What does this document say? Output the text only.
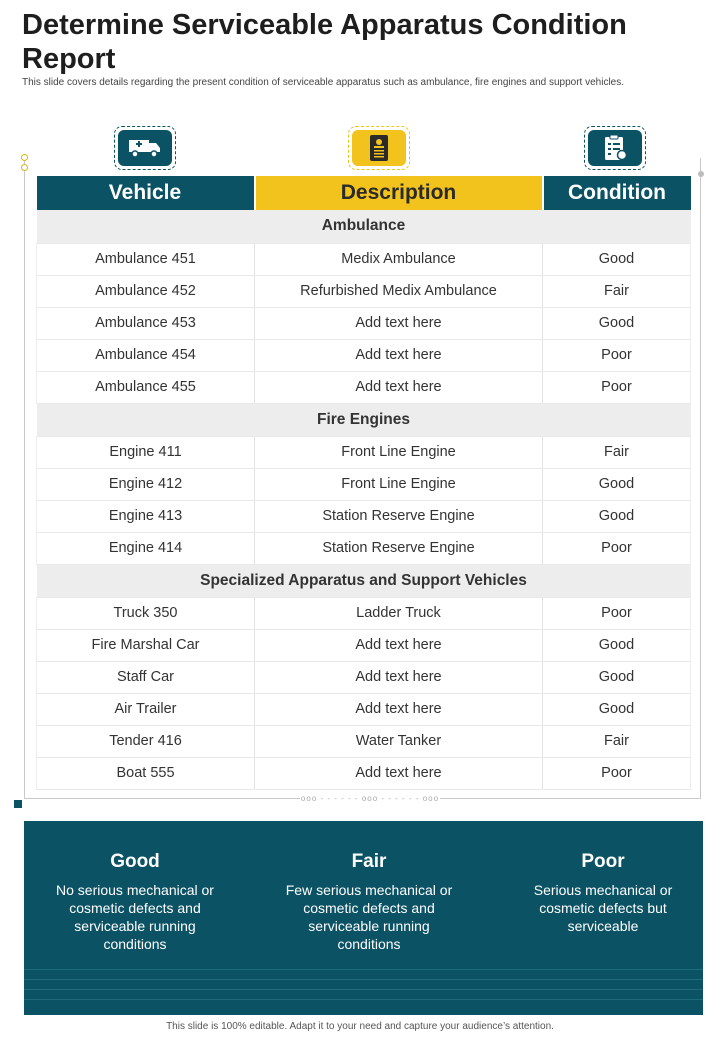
Determine Serviceable Apparatus Condition Report
This slide covers details regarding the present condition of serviceable apparatus such as ambulance, fire engines and support vehicles.
ooo - - - - - - ooo - - - - - - ooo
Vehicle	Description	Condition
Ambulance		
Ambulance 451	Medix Ambulance	Good
Ambulance 452	Refurbished Medix Ambulance	Fair
Ambulance 453	Add text here	Good
Ambulance 454	Add text here	Poor
Ambulance 455	Add text here	Poor
Fire Engines		
Engine 411	Front Line Engine	Fair
Engine 412	Front Line Engine	Good
Engine 413	Station Reserve Engine	Good
Engine 414	Station Reserve Engine	Poor
Specialized Apparatus and Support Vehicles		
Truck 350	Ladder Truck	Poor
Fire Marshal Car	Add text here	Good
Staff Car	Add text here	Good
Air Trailer	Add text here	Good
Tender 416	Water Tanker	Fair
Boat 555	Add text here	Poor
Good

No serious mechanical or cosmetic defects and serviceable running conditions

Fair

Few serious mechanical or cosmetic defects and serviceable running conditions

Poor

Serious mechanical or cosmetic defects but serviceable

This slide is 100% editable. Adapt it to your need and capture your audience’s attention.
